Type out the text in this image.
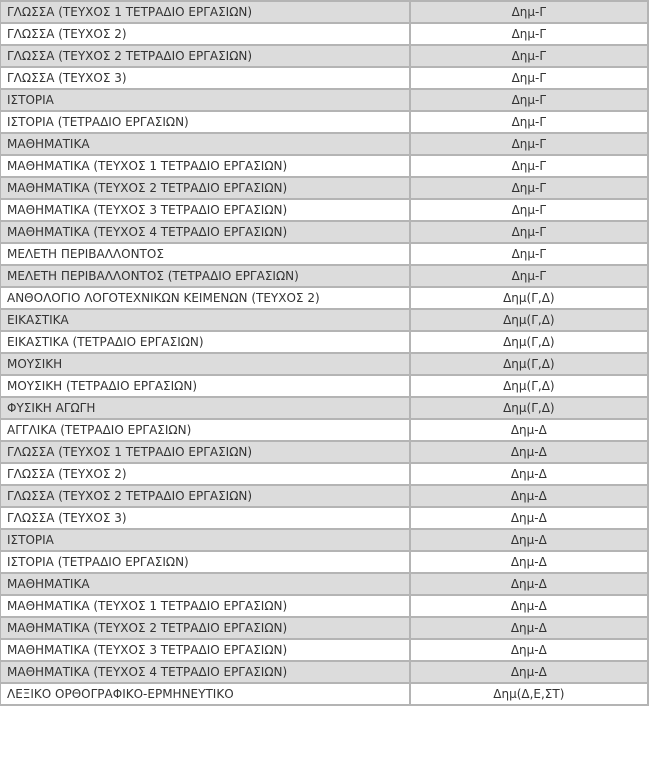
ΓΛΩΣΣΑ (ΤΕΥΧΟΣ 1 ΤΕΤΡΑΔΙΟ ΕΡΓΑΣΙΩΝ)	Δημ-Γ
ΓΛΩΣΣΑ (ΤΕΥΧΟΣ 2)	Δημ-Γ
ΓΛΩΣΣΑ (ΤΕΥΧΟΣ 2 ΤΕΤΡΑΔΙΟ ΕΡΓΑΣΙΩΝ)	Δημ-Γ
ΓΛΩΣΣΑ (ΤΕΥΧΟΣ 3)	Δημ-Γ
ΙΣΤΟΡΙΑ	Δημ-Γ
ΙΣΤΟΡΙΑ (ΤΕΤΡΑΔΙΟ ΕΡΓΑΣΙΩΝ)	Δημ-Γ
ΜΑΘΗΜΑΤΙΚΑ	Δημ-Γ
ΜΑΘΗΜΑΤΙΚΑ (ΤΕΥΧΟΣ 1 ΤΕΤΡΑΔΙΟ ΕΡΓΑΣΙΩΝ)	Δημ-Γ
ΜΑΘΗΜΑΤΙΚΑ (ΤΕΥΧΟΣ 2 ΤΕΤΡΑΔΙΟ ΕΡΓΑΣΙΩΝ)	Δημ-Γ
ΜΑΘΗΜΑΤΙΚΑ (ΤΕΥΧΟΣ 3 ΤΕΤΡΑΔΙΟ ΕΡΓΑΣΙΩΝ)	Δημ-Γ
ΜΑΘΗΜΑΤΙΚΑ (ΤΕΥΧΟΣ 4 ΤΕΤΡΑΔΙΟ ΕΡΓΑΣΙΩΝ)	Δημ-Γ
ΜΕΛΕΤΗ ΠΕΡΙΒΑΛΛΟΝΤΟΣ	Δημ-Γ
ΜΕΛΕΤΗ ΠΕΡΙΒΑΛΛΟΝΤΟΣ (ΤΕΤΡΑΔΙΟ ΕΡΓΑΣΙΩΝ)	Δημ-Γ
ΑΝΘΟΛΟΓΙΟ ΛΟΓΟΤΕΧΝΙΚΩΝ ΚΕΙΜΕΝΩΝ (ΤΕΥΧΟΣ 2)	Δημ(Γ,Δ)
ΕΙΚΑΣΤΙΚΑ	Δημ(Γ,Δ)
ΕΙΚΑΣΤΙΚΑ (ΤΕΤΡΑΔΙΟ ΕΡΓΑΣΙΩΝ)	Δημ(Γ,Δ)
ΜΟΥΣΙΚΗ	Δημ(Γ,Δ)
ΜΟΥΣΙΚΗ (ΤΕΤΡΑΔΙΟ ΕΡΓΑΣΙΩΝ)	Δημ(Γ,Δ)
ΦΥΣΙΚΗ ΑΓΩΓΗ	Δημ(Γ,Δ)
ΑΓΓΛΙΚΑ (ΤΕΤΡΑΔΙΟ ΕΡΓΑΣΙΩΝ)	Δημ-Δ
ΓΛΩΣΣΑ (ΤΕΥΧΟΣ 1 ΤΕΤΡΑΔΙΟ ΕΡΓΑΣΙΩΝ)	Δημ-Δ
ΓΛΩΣΣΑ (ΤΕΥΧΟΣ 2)	Δημ-Δ
ΓΛΩΣΣΑ (ΤΕΥΧΟΣ 2 ΤΕΤΡΑΔΙΟ ΕΡΓΑΣΙΩΝ)	Δημ-Δ
ΓΛΩΣΣΑ (ΤΕΥΧΟΣ 3)	Δημ-Δ
ΙΣΤΟΡΙΑ	Δημ-Δ
ΙΣΤΟΡΙΑ (ΤΕΤΡΑΔΙΟ ΕΡΓΑΣΙΩΝ)	Δημ-Δ
ΜΑΘΗΜΑΤΙΚΑ	Δημ-Δ
ΜΑΘΗΜΑΤΙΚΑ (ΤΕΥΧΟΣ 1 ΤΕΤΡΑΔΙΟ ΕΡΓΑΣΙΩΝ)	Δημ-Δ
ΜΑΘΗΜΑΤΙΚΑ (ΤΕΥΧΟΣ 2 ΤΕΤΡΑΔΙΟ ΕΡΓΑΣΙΩΝ)	Δημ-Δ
ΜΑΘΗΜΑΤΙΚΑ (ΤΕΥΧΟΣ 3 ΤΕΤΡΑΔΙΟ ΕΡΓΑΣΙΩΝ)	Δημ-Δ
ΜΑΘΗΜΑΤΙΚΑ (ΤΕΥΧΟΣ 4 ΤΕΤΡΑΔΙΟ ΕΡΓΑΣΙΩΝ)	Δημ-Δ
ΛΕΞΙΚΟ ΟΡΘΟΓΡΑΦΙΚΟ-ΕΡΜΗΝΕΥΤΙΚΟ	Δημ(Δ,Ε,ΣΤ)
